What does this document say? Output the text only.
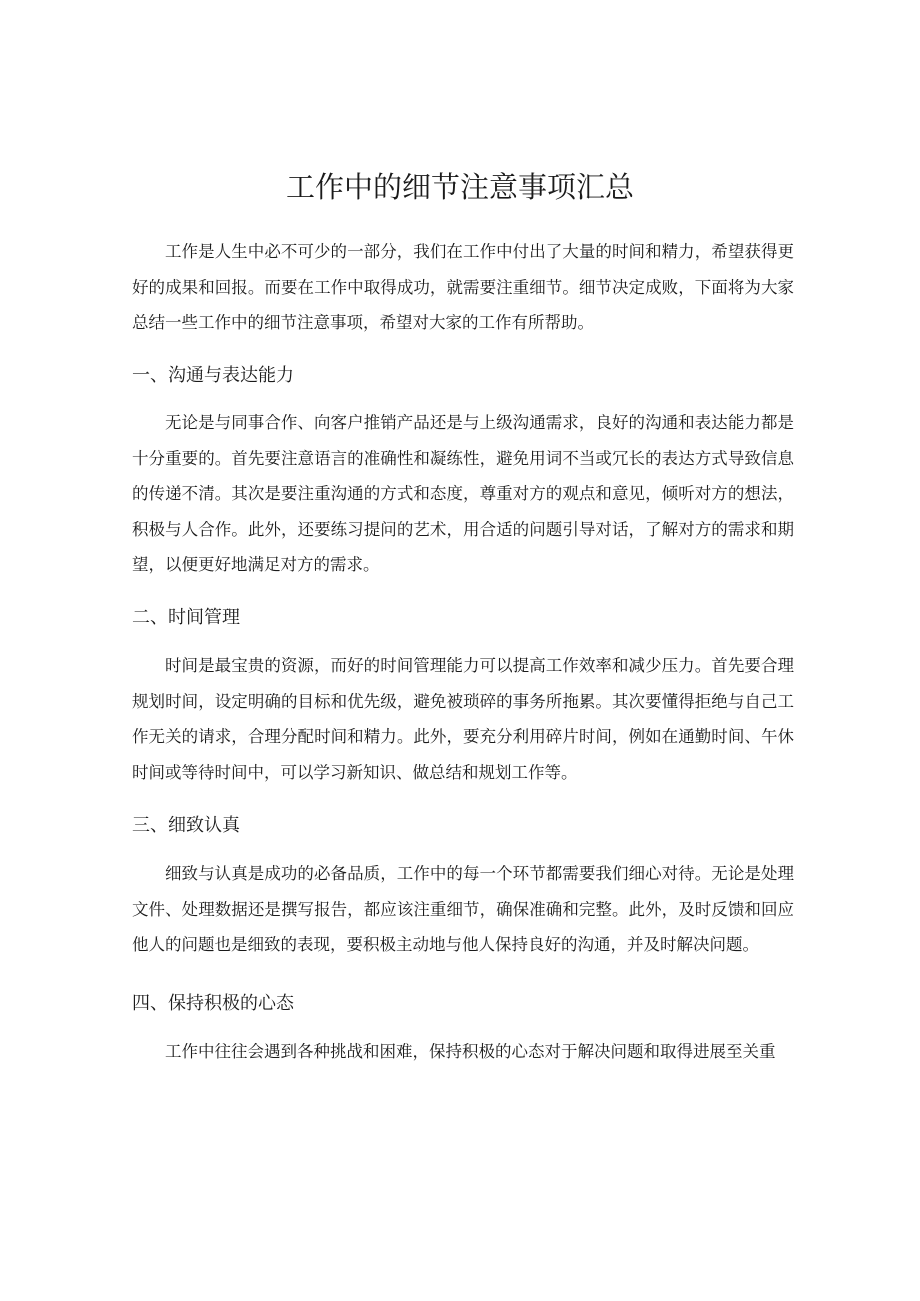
工作中的细节注意事项汇总

工作是人生中必不可少的一部分，我们在工作中付出了大量的时间和精力，希望获得更好的成果和回报。而要在工作中取得成功，就需要注重细节。细节决定成败，下面将为大家总结一些工作中的细节注意事项，希望对大家的工作有所帮助。

一、沟通与表达能力

无论是与同事合作、向客户推销产品还是与上级沟通需求，良好的沟通和表达能力都是十分重要的。首先要注意语言的准确性和凝练性，避免用词不当或冗长的表达方式导致信息的传递不清。其次是要注重沟通的方式和态度，尊重对方的观点和意见，倾听对方的想法，积极与人合作。此外，还要练习提问的艺术，用合适的问题引导对话，了解对方的需求和期望，以便更好地满足对方的需求。

二、时间管理

时间是最宝贵的资源，而好的时间管理能力可以提高工作效率和减少压力。首先要合理规划时间，设定明确的目标和优先级，避免被琐碎的事务所拖累。其次要懂得拒绝与自己工作无关的请求，合理分配时间和精力。此外，要充分利用碎片时间，例如在通勤时间、午休时间或等待时间中，可以学习新知识、做总结和规划工作等。

三、细致认真

细致与认真是成功的必备品质，工作中的每一个环节都需要我们细心对待。无论是处理文件、处理数据还是撰写报告，都应该注重细节，确保准确和完整。此外，及时反馈和回应他人的问题也是细致的表现，要积极主动地与他人保持良好的沟通，并及时解决问题。

四、保持积极的心态

工作中往往会遇到各种挑战和困难，保持积极的心态对于解决问题和取得进展至关重
